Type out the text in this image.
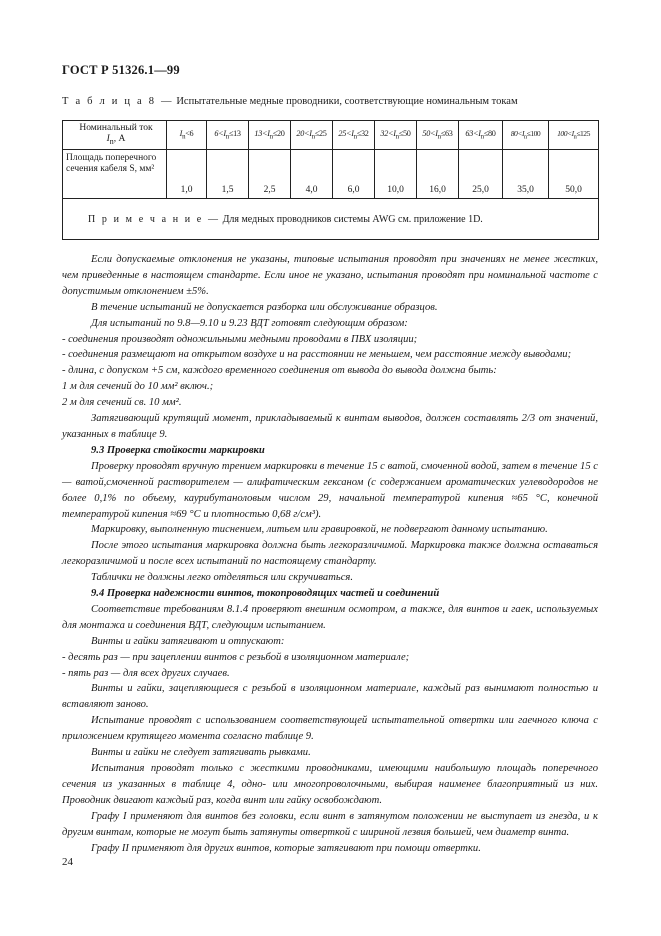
ГОСТ Р 51326.1—99
Т а б л и ц а 8 — Испытательные медные проводники, соответствующие номинальным токам
Номинальный ток
$I_n$, А	$I_n<6$	$6<I_n\le 13$	$13<I_n\le 20$	$20<I_n\le 25$	$25<I_n\le 32$	$32<I_n\le 50$	$50<I_n\le 63$	$63<I_n\le 80$	$80<I_n\le 100$	$100<I_n\le 125$
Площадь поперечного сечения кабеля S, мм²	1,0	1,5	2,5	4,0	6,0	10,0	16,0	25,0	35,0	50,0
П р и м е ч а н и е — Для медных проводников системы AWG см. приложение 1D.										

Если допускаемые отклонения не указаны, типовые испытания проводят при значениях не менее жестких, чем приведенные в настоящем стандарте. Если иное не указано, испытания проводят при номинальной частоте с допустимым отклонением ±5%.

В течение испытаний не допускается разборка или обслуживание образцов.

Для испытаний по 9.8—9.10 и 9.23 ВДТ готовят следующим образом:

- соединения производят одножильными медными проводами в ПВХ изоляции;

- соединения размещают на открытом воздухе и на расстоянии не меньшем, чем расстояние между выводами;

- длина, с допуском +5 см, каждого временного соединения от вывода до вывода должна быть:

1 м для сечений до 10 мм² включ.;

2 м для сечений св. 10 мм².

Затягивающий крутящий момент, прикладываемый к винтам выводов, должен составлять 2/3 от значений, указанных в таблице 9.

9.3 Проверка стойкости маркировки

Проверку проводят вручную трением маркировки в течение 15 с ватой, смоченной водой, затем в течение 15 с — ватой,смоченной растворителем — алифатическим гексаном (с содержанием ароматических углеводородов не более 0,1% по объему, каурибутаноловым числом 29, начальной температурой кипения ≈65 °С, конечной температурой кипения ≈69 °С и плотностью 0,68 г/см³).

Маркировку, выполненную тиснением, литьем или гравировкой, не подвергают данному испытанию.

После этого испытания маркировка должна быть легкоразличимой. Маркировка также должна оставаться легкоразличимой и после всех испытаний по настоящему стандарту.

Таблички не должны легко отделяться или скручиваться.

9.4 Проверка надежности винтов, токопроводящих частей и соединений

Соответствие требованиям 8.1.4 проверяют внешним осмотром, а также, для винтов и гаек, используемых для монтажа и соединения ВДТ, следующим испытанием.

Винты и гайки затягивают и отпускают:

- десять раз — при зацеплении винтов с резьбой в изоляционном материале;

- пять раз — для всех других случаев.

Винты и гайки, зацепляющиеся с резьбой в изоляционном материале, каждый раз вынимают полностью и вставляют заново.

Испытание проводят с использованием соответствующей испытательной отвертки или гаечного ключа с приложением крутящего момента согласно таблице 9.

Винты и гайки не следует затягивать рывками.

Испытания проводят только с жесткими проводниками, имеющими наибольшую площадь поперечного сечения из указанных в таблице 4, одно- или многопроволочными, выбирая наименее благоприятный из них. Проводник двигают каждый раз, когда винт или гайку освобождают.

Графу I применяют для винтов без головки, если винт в затянутом положении не выступает из гнезда, и к другим винтам, которые не могут быть затянуты отверткой с шириной лезвия большей, чем диаметр винта.

Графу II применяют для других винтов, которые затягивают при помощи отвертки.

24
